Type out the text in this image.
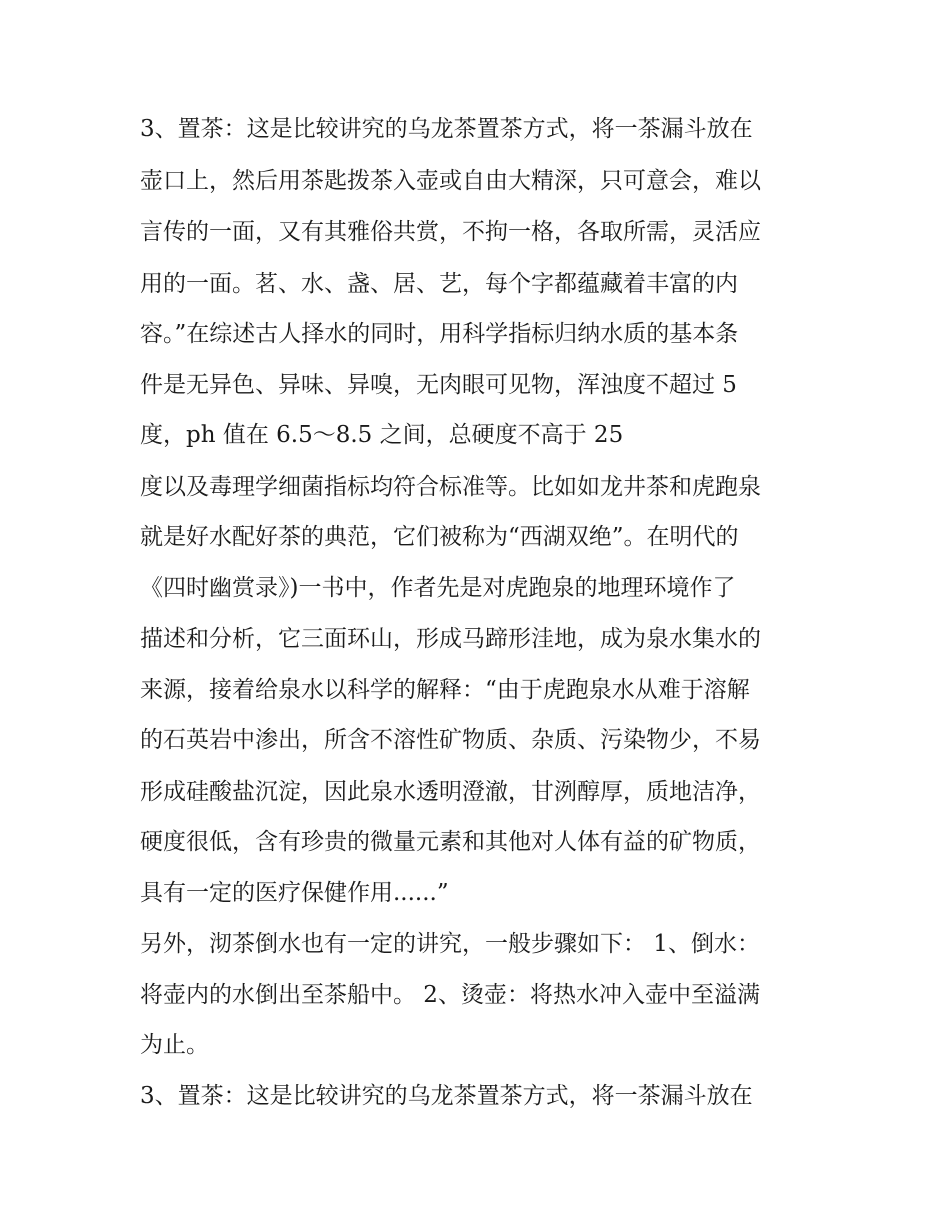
3、置茶：这是比较讲究的乌龙茶置茶方式，将一茶漏斗放在
壶口上，然后用茶匙拨茶入壶或自由大精深，只可意会，难以
言传的一面，又有其雅俗共赏，不拘一格，各取所需，灵活应
用的一面。茗、水、盏、居、艺，每个字都蕴藏着丰富的内
容。”在综述古人择水的同时，用科学指标归纳水质的基本条
件是无异色、异味、异嗅，无肉眼可见物，浑浊度不超过 5
度，ph 值在 6.5～8.5 之间，总硬度不高于 25
度以及毒理学细菌指标均符合标准等。比如如龙井茶和虎跑泉
就是好水配好茶的典范，它们被称为“西湖双绝”。在明代的
《四时幽赏录》)一书中，作者先是对虎跑泉的地理环境作了
描述和分析，它三面环山，形成马蹄形洼地，成为泉水集水的
来源，接着给泉水以科学的解释：“由于虎跑泉水从难于溶解
的石英岩中渗出，所含不溶性矿物质、杂质、污染物少，不易
形成硅酸盐沉淀，因此泉水透明澄澈，甘洌醇厚，质地洁净，
硬度很低，含有珍贵的微量元素和其他对人体有益的矿物质，
具有一定的医疗保健作用......”
另外，沏茶倒水也有一定的讲究，一般步骤如下： 1、倒水：
将壶内的水倒出至茶船中。 2、烫壶：将热水冲入壶中至溢满
为止。
3、置茶：这是比较讲究的乌龙茶置茶方式，将一茶漏斗放在
